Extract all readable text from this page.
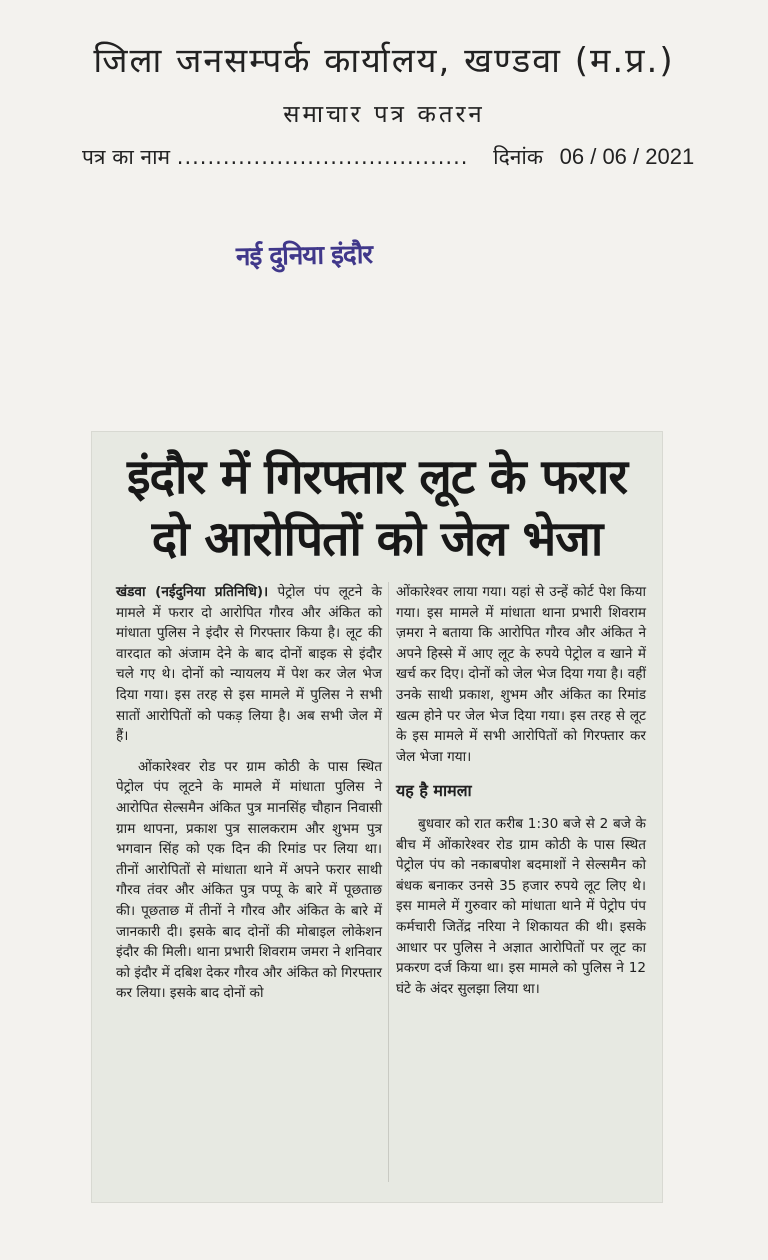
जिला जनसम्पर्क कार्यालय, खण्डवा (म.प्र.)
समाचार पत्र कतरन
पत्र का नाम ...................................... दिनांक 06 / 06 / 2021
नई दुनिया इंदौर
इंदौर में गिरफ्तार लूट के फरार
दो आरोपितों को जेल भेजा

खंडवा (नईदुनिया प्रतिनिधि)। पेट्रोल पंप लूटने के मामले में फरार दो आरोपित गौरव और अंकित को मांधाता पुलिस ने इंदौर से गिरफ्तार किया है। लूट की वारदात को अंजाम देने के बाद दोनों बाइक से इंदौर चले गए थे। दोनों को न्यायलय में पेश कर जेल भेज दिया गया। इस तरह से इस मामले में पुलिस ने सभी सातों आरोपितों को पकड़ लिया है। अब सभी जेल में हैं।

ओंकारेश्वर रोड पर ग्राम कोठी के पास स्थित पेट्रोल पंप लूटने के मामले में मांधाता पुलिस ने आरोपित सेल्समैन अंकित पुत्र मानसिंह चौहान निवासी ग्राम थापना, प्रकाश पुत्र सालकराम और शुभम पुत्र भगवान सिंह को एक दिन की रिमांड पर लिया था। तीनों आरोपितों से मांधाता थाने में अपने फरार साथी गौरव तंवर और अंकित पुत्र पप्पू के बारे में पूछताछ की। पूछताछ में तीनों ने गौरव और अंकित के बारे में जानकारी दी। इसके बाद दोनों की मोबाइल लोकेशन इंदौर की मिली। थाना प्रभारी शिवराम जमरा ने शनिवार को इंदौर में दबिश देकर गौरव और अंकित को गिरफ्तार कर लिया। इसके बाद दोनों को

ओंकारेश्वर लाया गया। यहां से उन्हें कोर्ट पेश किया गया। इस मामले में मांधाता थाना प्रभारी शिवराम ज़मरा ने बताया कि आरोपित गौरव और अंकित ने अपने हिस्से में आए लूट के रुपये पेट्रोल व खाने में खर्च कर दिए। दोनों को जेल भेज दिया गया है। वहीं उनके साथी प्रकाश, शुभम और अंकित का रिमांड खत्म होने पर जेल भेज दिया गया। इस तरह से लूट के इस मामले में सभी आरोपितों को गिरफ्तार कर जेल भेजा गया।

यह है मामला

बुधवार को रात करीब 1:30 बजे से 2 बजे के बीच में ओंकारेश्वर रोड ग्राम कोठी के पास स्थित पेट्रोल पंप को नकाबपोश बदमाशों ने सेल्समैन को बंधक बनाकर उनसे 35 हजार रुपये लूट लिए थे। इस मामले में गुरुवार को मांधाता थाने में पेट्रोप पंप कर्मचारी जितेंद्र नरिया ने शिकायत की थी। इसके आधार पर पुलिस ने अज्ञात आरोपितों पर लूट का प्रकरण दर्ज किया था। इस मामले को पुलिस ने 12 घंटे के अंदर सुलझा लिया था।
